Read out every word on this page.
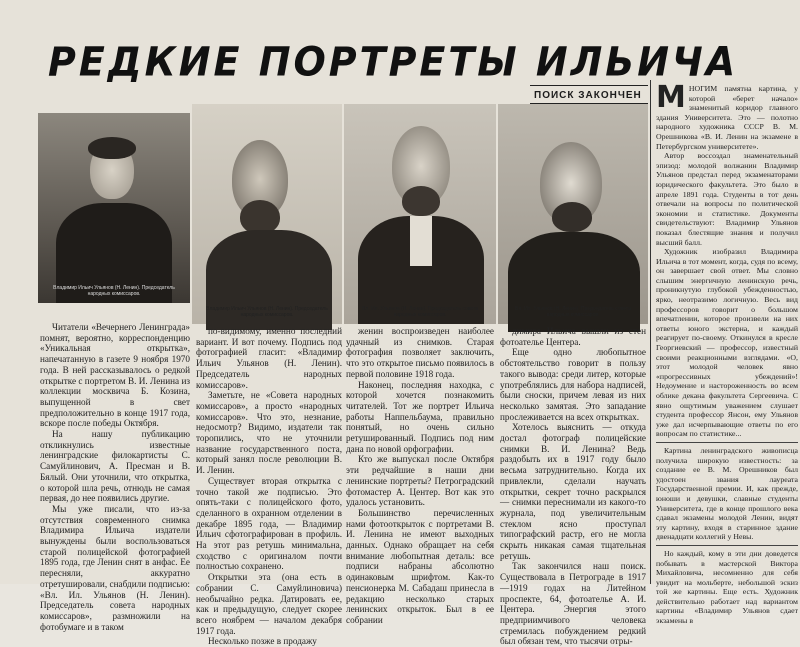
РЕДКИЕ ПОРТРЕТЫ ИЛЬИЧА
ПОИСК ЗАКОНЧЕН
Владимир Ильич Ульянов (Н. Ленин). Председатель народных комиссаров.
Владимир Ильич Ульянов (Н. Ленин). Председатель народных комиссаров.
Вл. Ил. Ульянов (Н. Ленин). Председатель совета народных комиссаров.
Вл. Ил. Ульянов (Н. Ленин). Председатель совета народных комиссаров.

Читатели «Вечернего Ленинграда» помнят, вероятно, корреспонденцию «Уникальная открытка», напечатанную в газете 9 ноября 1970 года. В ней рассказывалось о редкой открытке с портретом В. И. Ленина из коллекции москвича Б. Козина, выпущенной в свет предположительно в конце 1917 года, вскоре после победы Октября.

На нашу публикацию откликнулись известные ленинградские филокартисты С. Самуйлинович, А. Пресман и В. Бялый. Они уточнили, что открытка, о которой шла речь, отнюдь не самая первая, до нее появились другие.

Мы уже писали, что из-за отсутствия современного снимка Владимира Ильича издатели вынуждены были воспользоваться старой полицейской фотографией 1895 года, где Ленин снят в анфас. Ее пересняли, аккуратно отретушировали, снабдили подписью: «Вл. Ил. Ульянов (Н. Ленин). Председатель совета народных комиссаров», размножили на фотобумаге и в таком

по-видимому, именно последний вариант. И вот почему. Подпись под фотографией гласит: «Владимир Ильич Ульянов (Н. Ленин). Председатель народных комиссаров».

Заметьте, не «Совета народных комиссаров», а просто «народных комиссаров». Что это, незнание, недосмотр? Видимо, издатели так торопились, что не уточнили название государственного поста, который занял после революции В. И. Ленин.

Существует вторая открытка с точно такой же подписью. Это опять-таки с полицейского фото, сделанного в охранном отделении в декабре 1895 года, — Владимир Ильич сфотографирован в профиль. На этот раз ретушь минимальна, сходство с оригиналом почти полностью сохранено.

Открытки эта (она есть в собрании С. Самуйлиновича) необычайно редка. Датировать ее, как и предыдущую, следует скорее всего ноябрем — началом декабря 1917 года.

Несколько позже в продажу

женин воспроизведен наиболее удачный из снимков. Старая фотография позволяет заключить, что это открытое письмо появилось в первой половине 1918 года.

Наконец, последняя находка, с которой хочется познакомить читателей. Тот же портрет Ильича работы Наппельбаума, правильно понятый, но очень сильно ретушированный. Подпись под ним дана по новой орфографии.

Кто же выпускал после Октября эти редчайшие в наши дни ленинские портреты? Петроградский фотомастер А. Центер. Вот как это удалось установить.

Большинство перечисленных нами фотооткрыток с портретами В. И. Ленина не имеют выходных данных. Однако обращает на себя внимание любопытная деталь: все подписи набраны абсолютно одинаковым шрифтом. Как-то пенсионерка М. Сабадаш принесла в редакцию несколько старых ленинских открыток. Был в ее собрании

димира Ильича вышли из стен фотоателье Центера.

Еще одно любопытное обстоятельство говорит в пользу такого вывода: среди литер, которые употреблялись для набора надписей, были сноски, причем левая из них несколько замятая. Это западание прослеживается на всех открытках.

Хотелось выяснить — откуда достал фотограф полицейские снимки В. И. Ленина? Ведь раздобыть их в 1917 году было весьма затруднительно. Когда их привлекли, сделали научать открытки, секрет точно раскрылся — снимки переснимали из какого-то журнала, под увеличительным стеклом ясно проступал типографский растр, его не могла скрыть никакая самая тщательная ретушь.

Так закончился наш поиск. Существовала в Петрограде в 1917—1919 годах на Литейном проспекте, 64, фотоателье А. И. Центера. Энергия этого предприимчивого человека стремилась побуждением редкий был обязан тем, что тысячи отры-

МНОГИМ памятна картина, у которой «берет начало» знаменитый коридор главного здания Университета. Это — полотно народного художника СССР В. М. Орешникова «В. И. Ленин на экзамене в Петербургском университете».

Автор воссоздал знаменательный эпизод: молодой волжанин Владимир Ульянов предстал перед экзаменаторами юридического факультета. Это было в апреле 1891 года. Студенты в тот день отвечали на вопросы по политической экономии и статистике. Документы свидетельствуют: Владимир Ульянов показал блестящие знания и получил высший балл.

Художник изобразил Владимира Ильича в тот момент, когда, судя по всему, он завершает свой ответ. Мы словно слышим энергичную ленинскую речь, проникнутую глубокой убежденностью, ярко, неотразимо логичную. Весь вид профессоров говорит о большом впечатлении, которое произвели на них ответы юного экстерна, и каждый реагирует по-своему. Откинулся в кресле Георгиевский — профессор, известный своими реакционными взглядами. «О, этот молодой человек явно «прогрессивных убеждений»! Недоумение и настороженность во всем облике декана факультета Сергеевича. С явно ощутимым уважением слушает студента профессор Янсон, ему Ульянов уже дал исчерпывающие ответы по его вопросам по статистике...

Картина ленинградского живописца получила широкую известность: за создание ее В. М. Орешников был удостоен звания лауреата Государственной премии. И, как прежде, юноши и девушки, славные студенты Университета, где в конце прошлого века сдавал экзамены молодой Ленин, видят эту картину, входя в старинное здание двенадцати коллегий у Невы.

Но каждый, кому в эти дни доведется побывать в мастерской Виктора Михайловича, несомненно для себя увидит на мольберте, небольшой эскиз той же картины. Еще есть. Художник действительно работает над вариантом картины «Владимир Ульянов сдает экзамены в
